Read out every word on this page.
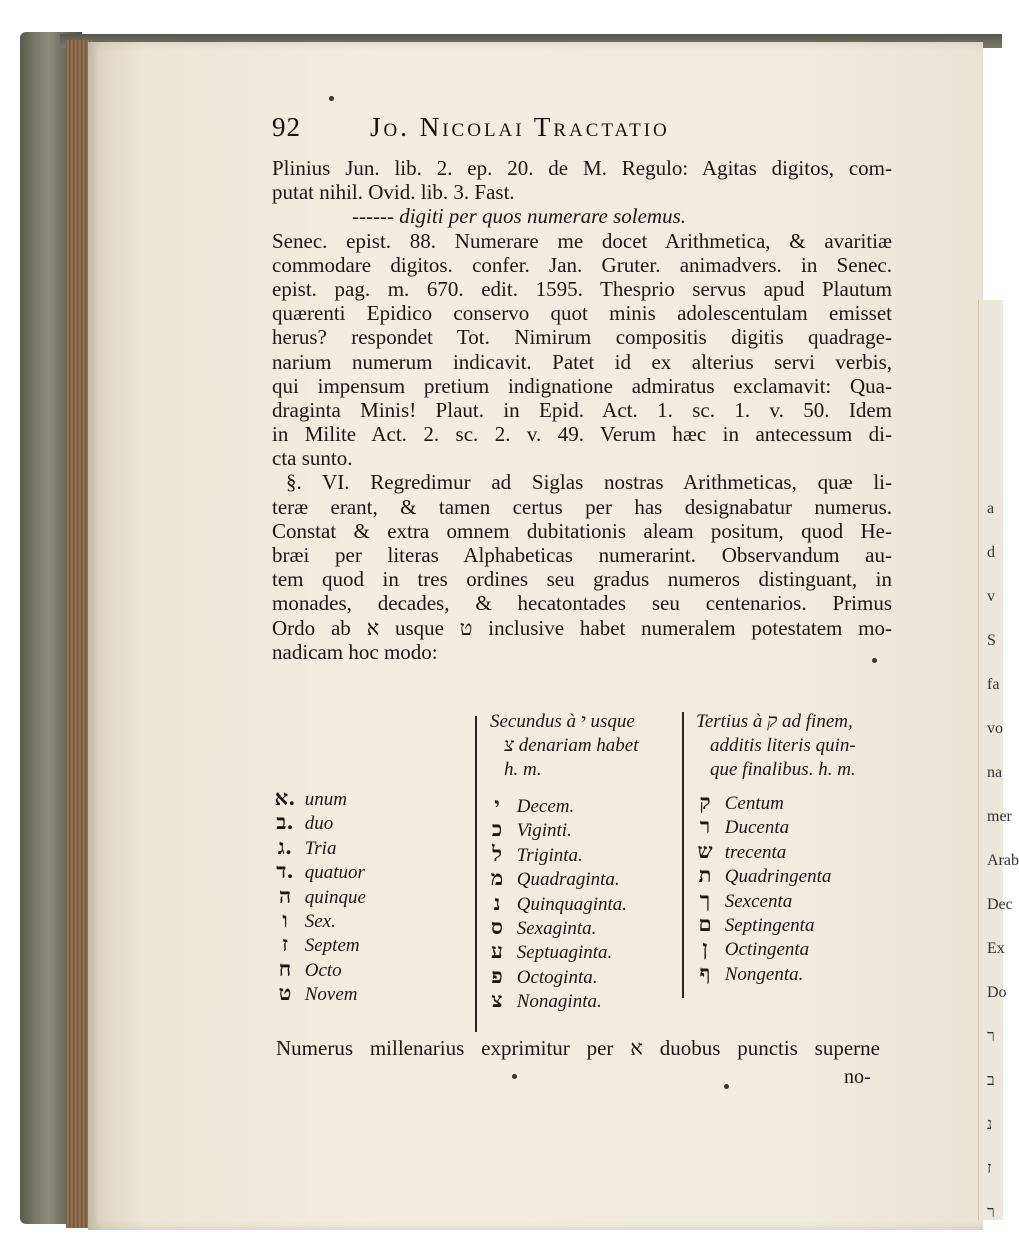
a
d
v
S
fa
vo
na
mer
Arab
Dec
Ex
Do
ר
ב
נ
ז
ר
92	Jo. Nicolai Tractatio
Plinius Jun. lib. 2. ep. 20. de M. Regulo: Agitas digitos, com-
putat nihil. Ovid. lib. 3. Fast.
------ digiti per quos numerare solemus.
Senec. epist. 88. Numerare me docet Arithmetica, & avaritiæ
commodare digitos. confer. Jan. Gruter. animadvers. in Senec.
epist. pag. m. 670. edit. 1595. Thesprio servus apud Plautum
quærenti Epidico conservo quot minis adolescentulam emisset
herus? respondet Tot. Nimirum compositis digitis quadrage-
narium numerum indicavit. Patet id ex alterius servi verbis,
qui impensum pretium indignatione admiratus exclamavit: Qua-
draginta Minis! Plaut. in Epid. Act. 1. sc. 1. v. 50. Idem
in Milite Act. 2. sc. 2. v. 49. Verum hæc in antecessum di-
cta sunto.
§. VI. Regredimur ad Siglas nostras Arithmeticas, quæ li-
teræ erant, & tamen certus per has designabatur numerus.
Constat & extra omnem dubitationis aleam positum, quod He-
bræi per literas Alphabeticas numerarint. Observandum au-
tem quod in tres ordines seu gradus numeros distinguant, in
monades, decades, & hecatontades seu centenarios. Primus
Ordo ab א usque ט inclusive habet numeralem potestatem mo-
nadicam hoc modo:
Secundus à י usque
צ denariam habet
h. m.
Tertius à ק ad finem,
additis literis quin-
que finalibus. h. m.
א. unum
ב. duo
ג. Tria
ד. quatuor
ה quinque
ו Sex.
ז Septem
ח Octo
ט Novem
י Decem.
כ Viginti.
ל Triginta.
מ Quadraginta.
נ Quinquaginta.
ס Sexaginta.
ע Septuaginta.
פ Octoginta.
צ Nonaginta.
ק Centum
ר Ducenta
ש trecenta
ת Quadringenta
ך Sexcenta
ם Septingenta
ן Octingenta
ף Nongenta.
Numerus millenarius exprimitur per א duobus punctis superne
no-
